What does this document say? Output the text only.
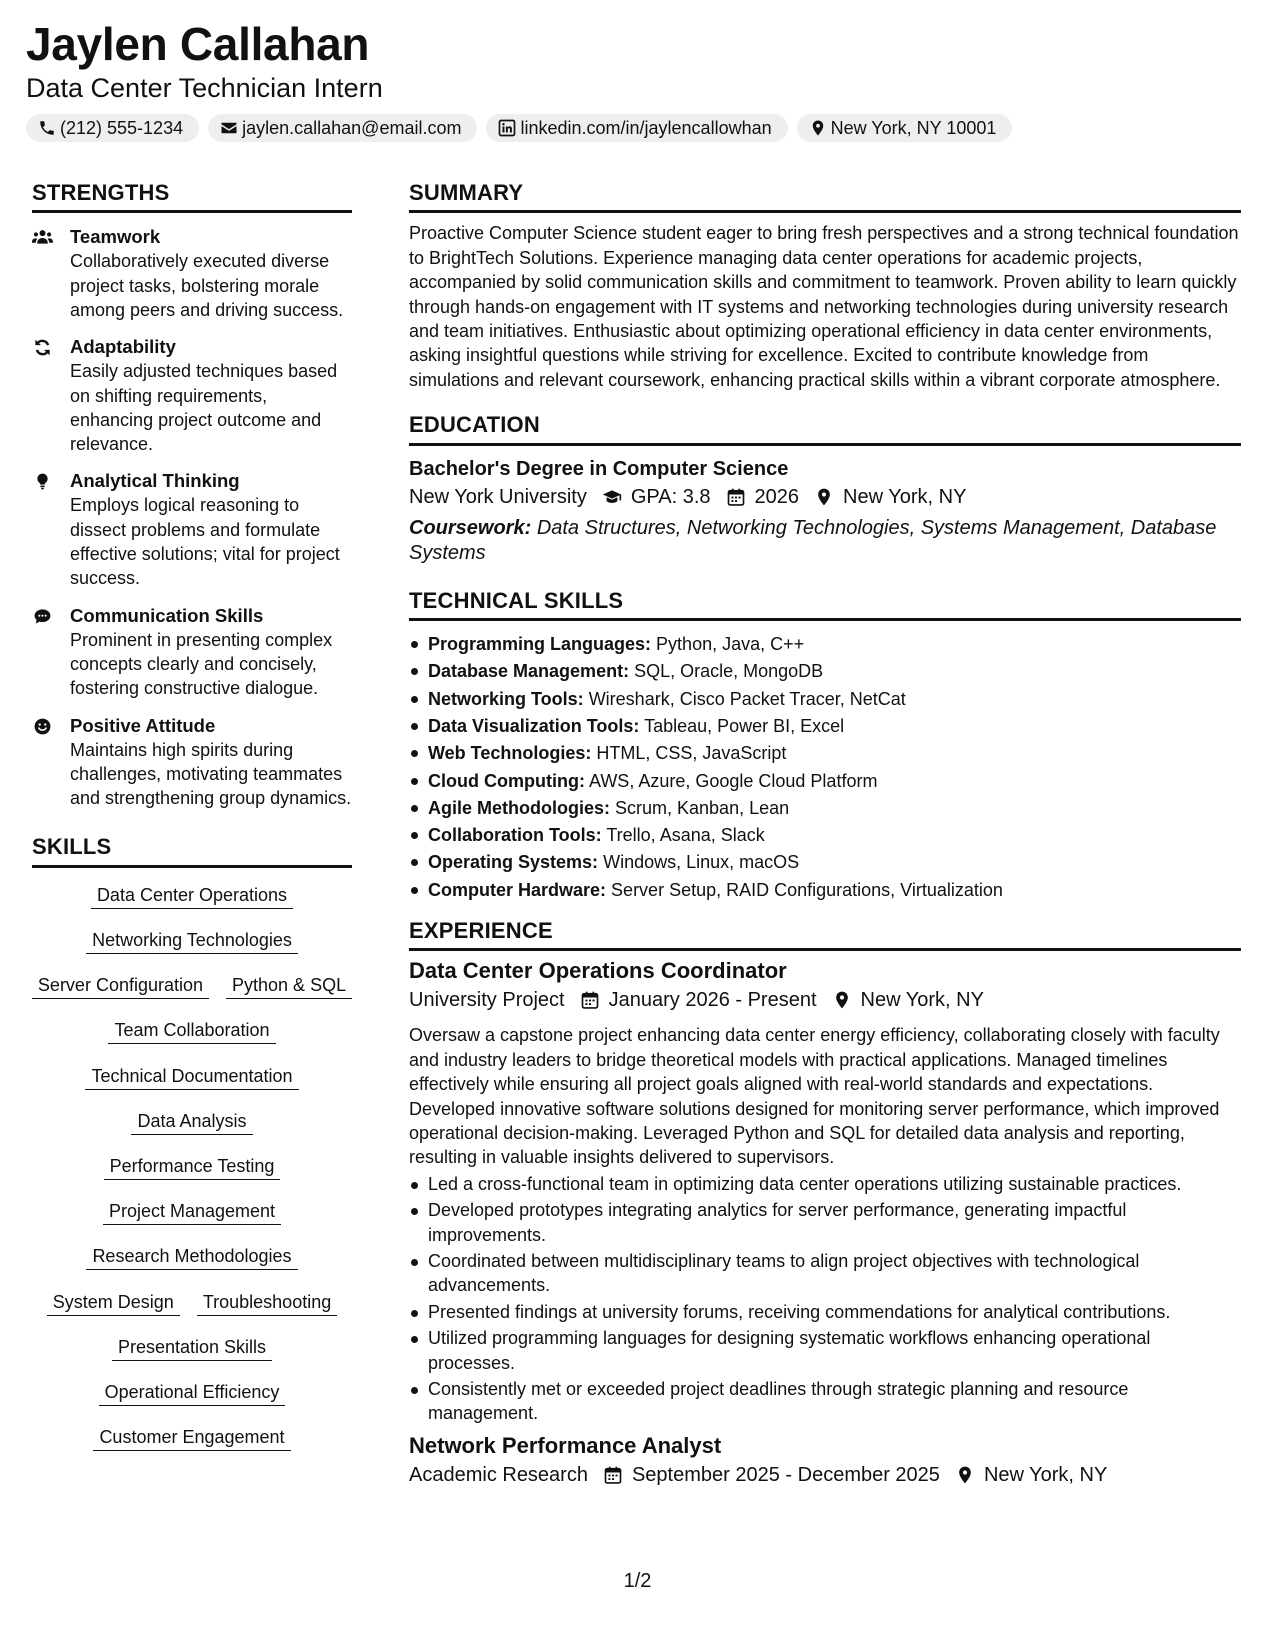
Jaylen Callahan
Data Center Technician Intern
(212) 555-1234	jaylen.callahan@email.com	linkedin.com/in/jaylencallowhan	New York, NY 10001
STRENGTHS
Teamwork
Collaboratively executed diverse project tasks, bolstering morale among peers and driving success.
Adaptability
Easily adjusted techniques based on shifting requirements, enhancing project outcome and relevance.
Analytical Thinking
Employs logical reasoning to dissect problems and formulate effective solutions; vital for project success.
Communication Skills
Prominent in presenting complex concepts clearly and concisely, fostering constructive dialogue.
Positive Attitude
Maintains high spirits during challenges, motivating teammates and strengthening group dynamics.
SKILLS
Data Center Operations
Networking Technologies
Server Configuration	Python & SQL
Team Collaboration
Technical Documentation
Data Analysis
Performance Testing
Project Management
Research Methodologies
System Design	Troubleshooting
Presentation Skills
Operational Efficiency
Customer Engagement
SUMMARY
Proactive Computer Science student eager to bring fresh perspectives and a strong technical foundation to BrightTech Solutions. Experience managing data center operations for academic projects, accompanied by solid communication skills and commitment to teamwork. Proven ability to learn quickly through hands-on engagement with IT systems and networking technologies during university research and team initiatives. Enthusiastic about optimizing operational efficiency in data center environments, asking insightful questions while striving for excellence. Excited to contribute knowledge from simulations and relevant coursework, enhancing practical skills within a vibrant corporate atmosphere.
EDUCATION
Bachelor's Degree in Computer Science
New York University GPA: 3.8 2026 New York, NY
Coursework: Data Structures, Networking Technologies, Systems Management, Database Systems
TECHNICAL SKILLS
Programming Languages: Python, Java, C++
Database Management: SQL, Oracle, MongoDB
Networking Tools: Wireshark, Cisco Packet Tracer, NetCat
Data Visualization Tools: Tableau, Power BI, Excel
Web Technologies: HTML, CSS, JavaScript
Cloud Computing: AWS, Azure, Google Cloud Platform
Agile Methodologies: Scrum, Kanban, Lean
Collaboration Tools: Trello, Asana, Slack
Operating Systems: Windows, Linux, macOS
Computer Hardware: Server Setup, RAID Configurations, Virtualization
EXPERIENCE
Data Center Operations Coordinator
University Project January 2026 - Present New York, NY
Oversaw a capstone project enhancing data center energy efficiency, collaborating closely with faculty and industry leaders to bridge theoretical models with practical applications. Managed timelines effectively while ensuring all project goals aligned with real-world standards and expectations. Developed innovative software solutions designed for monitoring server performance, which improved operational decision-making. Leveraged Python and SQL for detailed data analysis and reporting, resulting in valuable insights delivered to supervisors.
Led a cross-functional team in optimizing data center operations utilizing sustainable practices.
Developed prototypes integrating analytics for server performance, generating impactful improvements.
Coordinated between multidisciplinary teams to align project objectives with technological advancements.
Presented findings at university forums, receiving commendations for analytical contributions.
Utilized programming languages for designing systematic workflows enhancing operational processes.
Consistently met or exceeded project deadlines through strategic planning and resource management.
Network Performance Analyst
Academic Research September 2025 - December 2025 New York, NY
1/2
